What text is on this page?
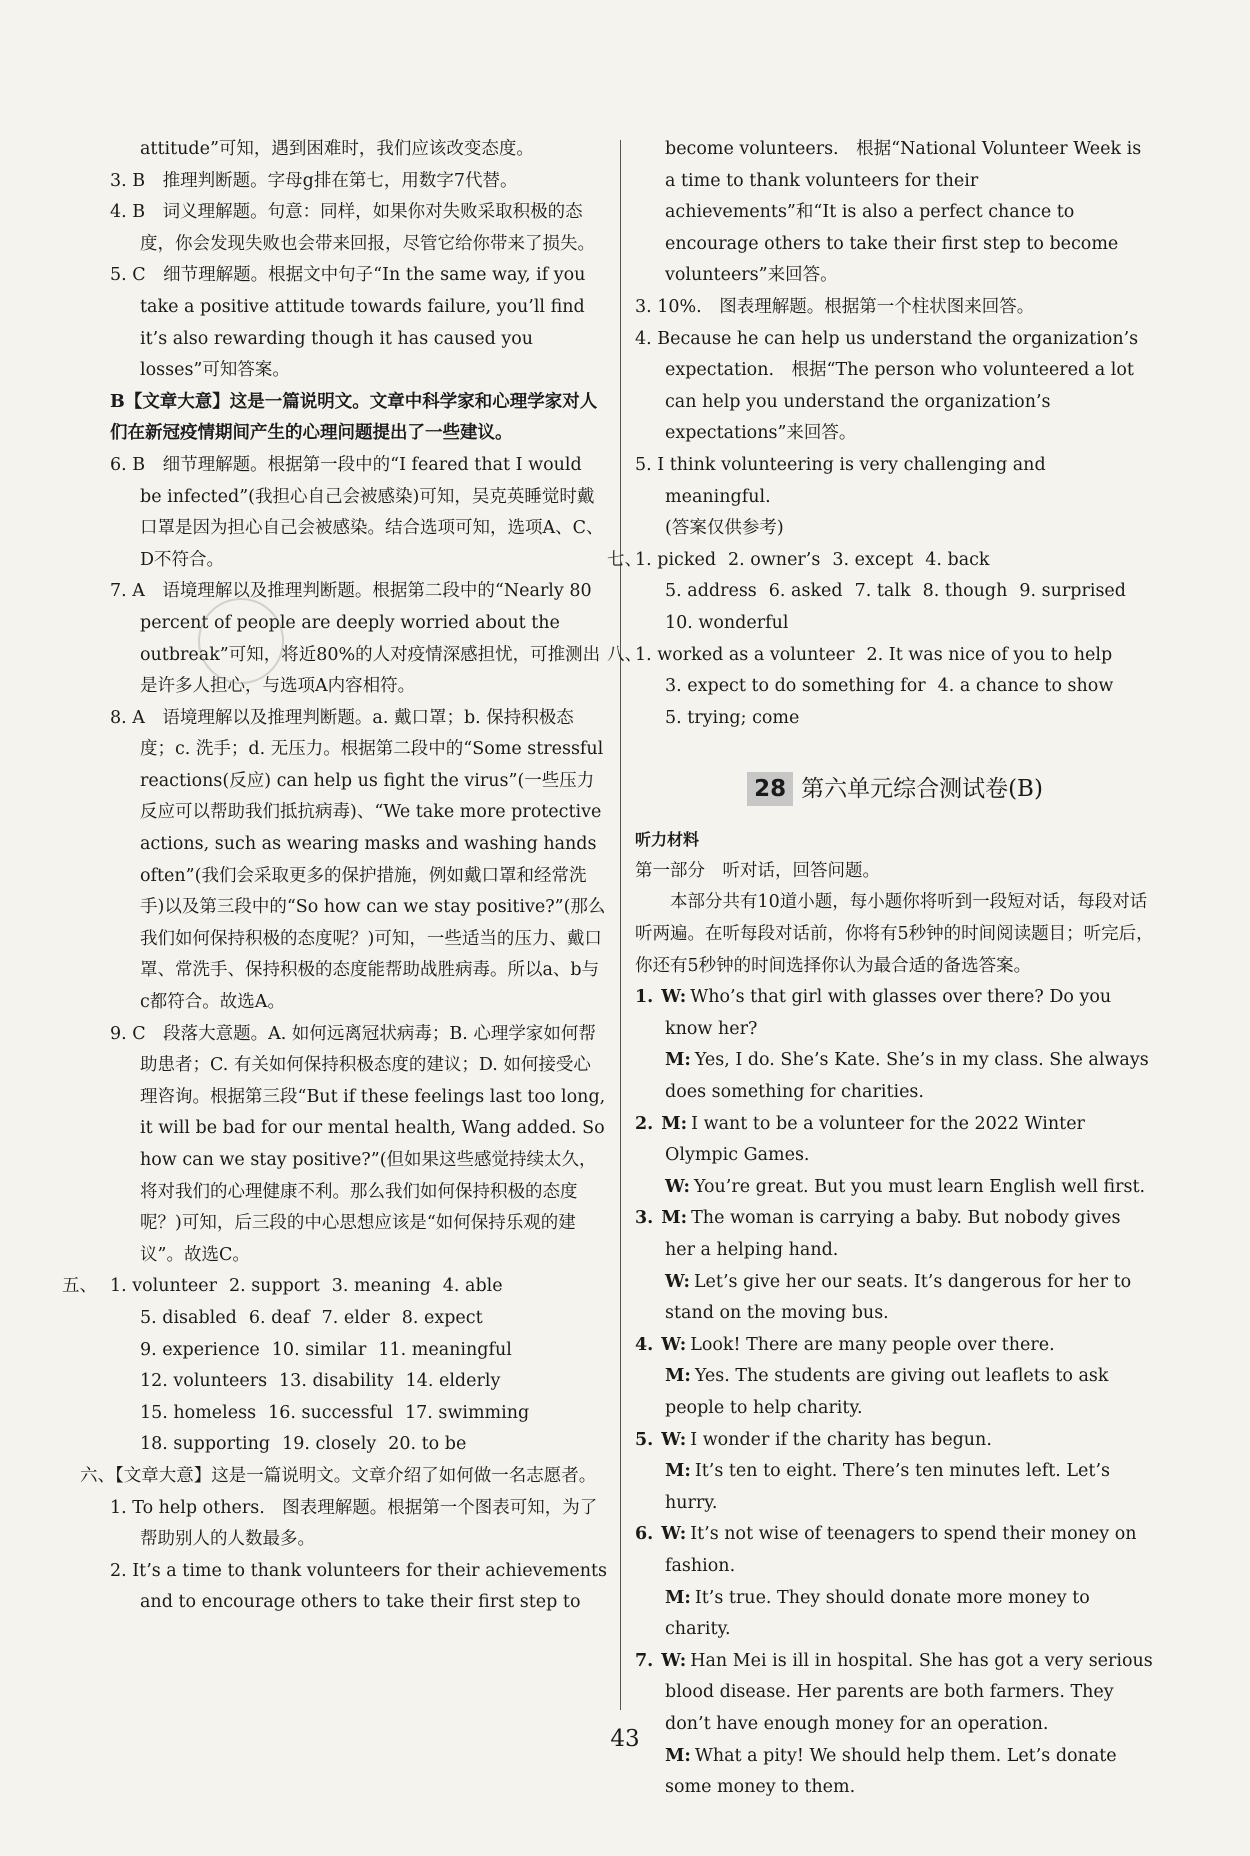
attitude”可知，遇到困难时，我们应该改变态度。

3. B　推理判断题。字母g排在第七，用数字7代替。

4. B　词义理解题。句意：同样，如果你对失败采取积极的态度，你会发现失败也会带来回报，尽管它给你带来了损失。

5. C　细节理解题。根据文中句子“In the same way, if you take a positive attitude towards failure, you’ll find it’s also rewarding though it has caused you losses”可知答案。

B【文章大意】这是一篇说明文。文章中科学家和心理学家对人们在新冠疫情期间产生的心理问题提出了一些建议。

6. B　细节理解题。根据第一段中的“I feared that I would be infected”(我担心自己会被感染)可知，吴克英睡觉时戴口罩是因为担心自己会被感染。结合选项可知，选项A、C、D不符合。

7. A　语境理解以及推理判断题。根据第二段中的“Nearly 80 percent of people are deeply worried about the outbreak”可知，将近80%的人对疫情深感担忧，可推测出是许多人担心，与选项A内容相符。

8. A　语境理解以及推理判断题。a. 戴口罩；b. 保持积极态度；c. 洗手；d. 无压力。根据第二段中的“Some stressful reactions(反应) can help us fight the virus”(一些压力反应可以帮助我们抵抗病毒)、“We take more protective actions, such as wearing masks and washing hands often”(我们会采取更多的保护措施，例如戴口罩和经常洗手)以及第三段中的“So how can we stay positive?”(那么我们如何保持积极的态度呢？)可知，一些适当的压力、戴口罩、常洗手、保持积极的态度能帮助战胜病毒。所以a、b与c都符合。故选A。

9. C　段落大意题。A. 如何远离冠状病毒；B. 心理学家如何帮助患者；C. 有关如何保持积极态度的建议；D. 如何接受心理咨询。根据第三段“But if these feelings last too long, it will be bad for our mental health, Wang added. So how can we stay positive?”(但如果这些感觉持续太久，将对我们的心理健康不利。那么我们如何保持积极的态度呢？)可知，后三段的中心思想应该是“如何保持乐观的建议”。故选C。

五、 1. volunteer 2. support 3. meaning 4. able
5. disabled 6. deaf 7. elder 8. expect
9. experience 10. similar 11. meaningful
12. volunteers 13. disability 14. elderly
15. homeless 16. successful 17. swimming
18. supporting 19. closely 20. to be

六、【文章大意】这是一篇说明文。文章介绍了如何做一名志愿者。

1. To help others.　图表理解题。根据第一个图表可知，为了帮助别人的人数最多。

2. It’s a time to thank volunteers for their achievements and to encourage others to take their first step to

become volunteers.　根据“National Volunteer Week is a time to thank volunteers for their achievements”和“It is also a perfect chance to encourage others to take their first step to become volunteers”来回答。

3. 10%.　图表理解题。根据第一个柱状图来回答。

4. Because he can help us understand the organization’s expectation.　根据“The person who volunteered a lot can help you understand the organization’s expectations”来回答。

5. I think volunteering is very challenging and meaningful.

(答案仅供参考)

七、
1. picked 2. owner’s 3. except 4. back
5. address 6. asked 7. talk 8. though 9. surprised
10. wonderful
八、
1. worked as a volunteer 2. It was nice of you to help
3. expect to do something for 4. a chance to show
5. trying; come
28 第六单元综合测试卷(B)

听力材料

第一部分　听对话，回答问题。

本部分共有10道小题，每小题你将听到一段短对话，每段对话听两遍。在听每段对话前，你将有5秒钟的时间阅读题目；听完后，你还有5秒钟的时间选择你认为最合适的备选答案。

1. W: Who’s that girl with glasses over there? Do you know her?

M: Yes, I do. She’s Kate. She’s in my class. She always does something for charities.

2. M: I want to be a volunteer for the 2022 Winter Olympic Games.

W: You’re great. But you must learn English well first.

3. M: The woman is carrying a baby. But nobody gives her a helping hand.

W: Let’s give her our seats. It’s dangerous for her to stand on the moving bus.

4. W: Look! There are many people over there.

M: Yes. The students are giving out leaflets to ask people to help charity.

5. W: I wonder if the charity has begun.

M: It’s ten to eight. There’s ten minutes left. Let’s hurry.

6. W: It’s not wise of teenagers to spend their money on fashion.

M: It’s true. They should donate more money to charity.

7. W: Han Mei is ill in hospital. She has got a very serious blood disease. Her parents are both farmers. They don’t have enough money for an operation.

M: What a pity! We should help them. Let’s donate some money to them.

43
